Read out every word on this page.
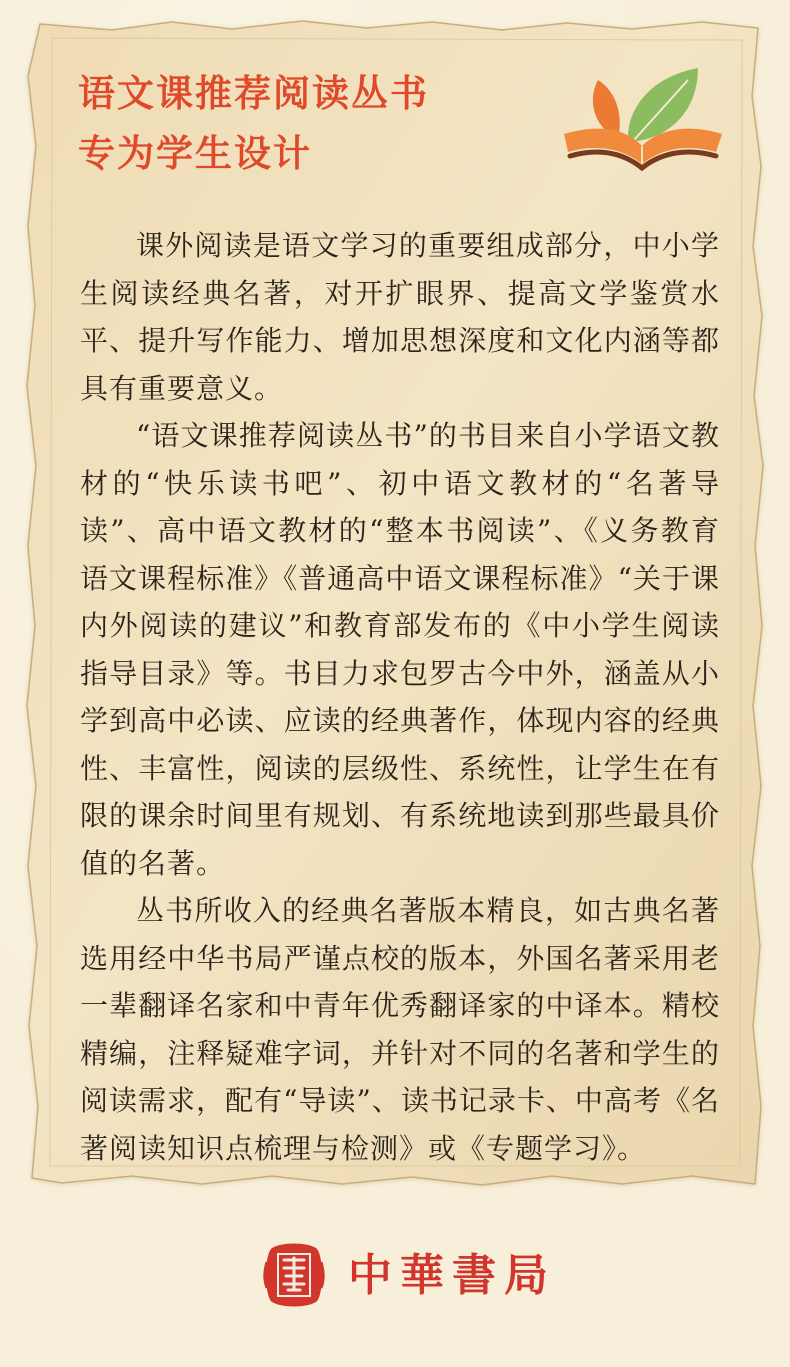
语文课推荐阅读丛书
专为学生设计

课外阅读是语文学习的重要组成部分，中小学生阅读经典名著，对开扩眼界、提高文学鉴赏水平、提升写作能力、增加思想深度和文化内涵等都具有重要意义。

“语文课推荐阅读丛书”的书目来自小学语文教材的“快乐读书吧”、初中语文教材的“名著导读”、高中语文教材的“整本书阅读”、《义务教育语文课程标准》《普通高中语文课程标准》“关于课内外阅读的建议”和教育部发布的《中小学生阅读指导目录》等。书目力求包罗古今中外，涵盖从小学到高中必读、应读的经典著作，体现内容的经典性、丰富性，阅读的层级性、系统性，让学生在有限的课余时间里有规划、有系统地读到那些最具价值的名著。

丛书所收入的经典名著版本精良，如古典名著选用经中华书局严谨点校的版本，外国名著采用老一辈翻译名家和中青年优秀翻译家的中译本。精校精编，注释疑难字词，并针对不同的名著和学生的阅读需求，配有“导读”、读书记录卡、中高考《名著阅读知识点梳理与检测》或《专题学习》。

中華書局
